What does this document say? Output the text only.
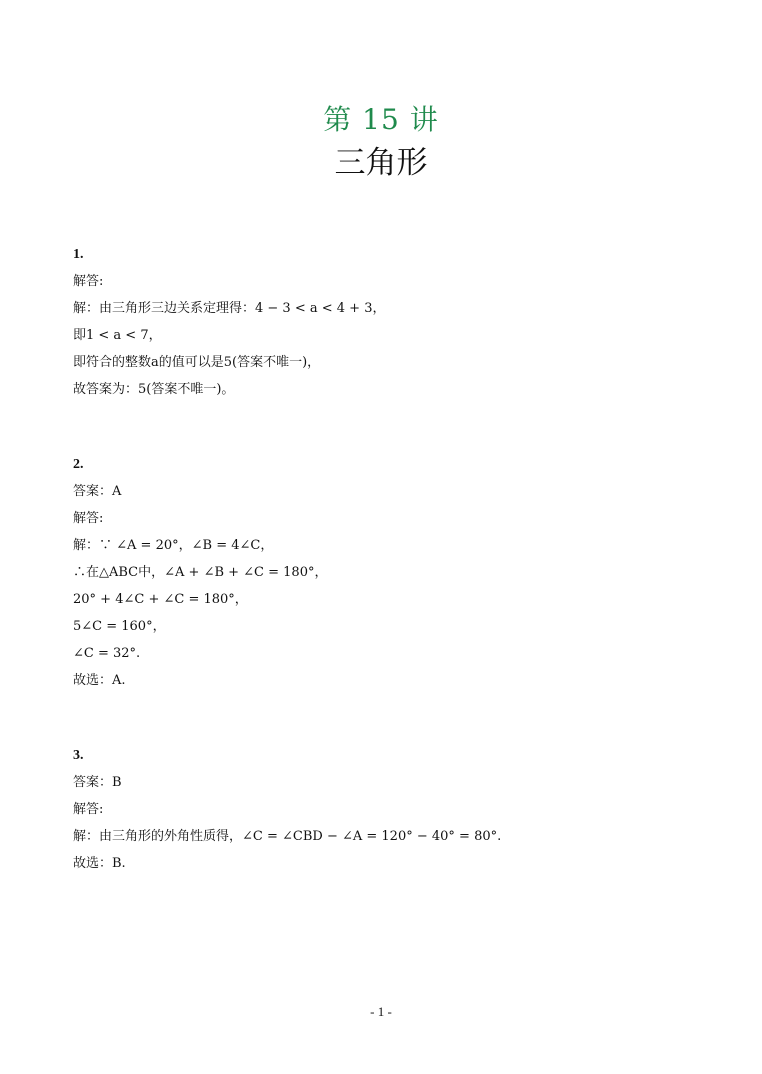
第 15 讲
三角形
1.
解答:
解：由三角形三边关系定理得：4 − 3 < a < 4 + 3，
即1 < a < 7，
即符合的整数a的值可以是5(答案不唯一)，
故答案为：5(答案不唯一)。
2.
答案：A
解答:
解：∵ ∠A = 20°，∠B = 4∠C，
∴在△ABC中，∠A + ∠B + ∠C = 180°，
20° + 4∠C + ∠C = 180°，
5∠C = 160°，
∠C = 32°.
故选：A.
3.
答案：B
解答:
解：由三角形的外角性质得，∠C = ∠CBD − ∠A = 120° − 40° = 80°.
故选：B.
- 1 -
